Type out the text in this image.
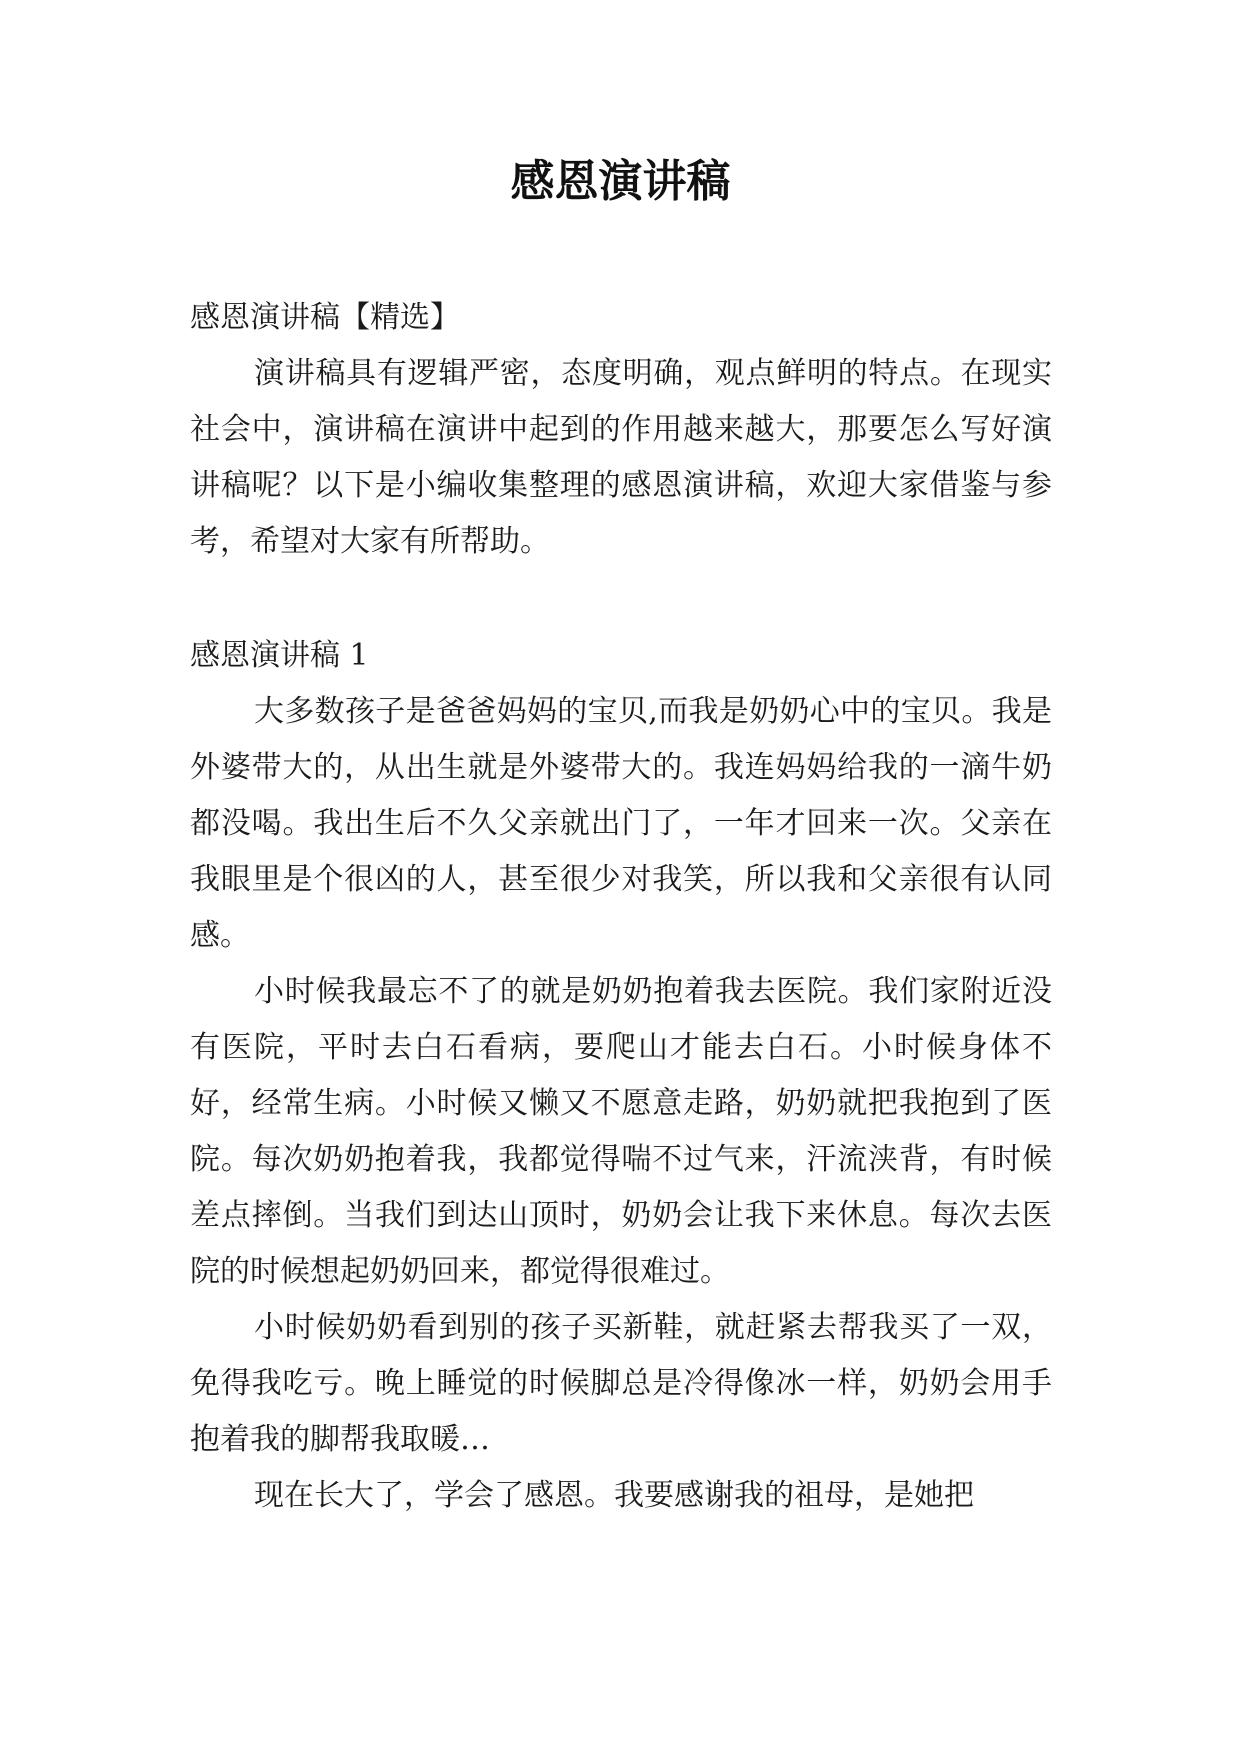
感恩演讲稿

感恩演讲稿【精选】

演讲稿具有逻辑严密，态度明确，观点鲜明的特点。在现实社会中，演讲稿在演讲中起到的作用越来越大，那要怎么写好演讲稿呢？以下是小编收集整理的感恩演讲稿，欢迎大家借鉴与参考，希望对大家有所帮助。

感恩演讲稿 1

大多数孩子是爸爸妈妈的宝贝,而我是奶奶心中的宝贝。我是外婆带大的，从出生就是外婆带大的。我连妈妈给我的一滴牛奶都没喝。我出生后不久父亲就出门了，一年才回来一次。父亲在我眼里是个很凶的人，甚至很少对我笑，所以我和父亲很有认同感。

小时候我最忘不了的就是奶奶抱着我去医院。我们家附近没有医院，平时去白石看病，要爬山才能去白石。小时候身体不好，经常生病。小时候又懒又不愿意走路，奶奶就把我抱到了医院。每次奶奶抱着我，我都觉得喘不过气来，汗流浃背，有时候差点摔倒。当我们到达山顶时，奶奶会让我下来休息。每次去医院的时候想起奶奶回来，都觉得很难过。

小时候奶奶看到别的孩子买新鞋，就赶紧去帮我买了一双，免得我吃亏。晚上睡觉的时候脚总是冷得像冰一样，奶奶会用手抱着我的脚帮我取暖…

现在长大了，学会了感恩。我要感谢我的祖母，是她把
